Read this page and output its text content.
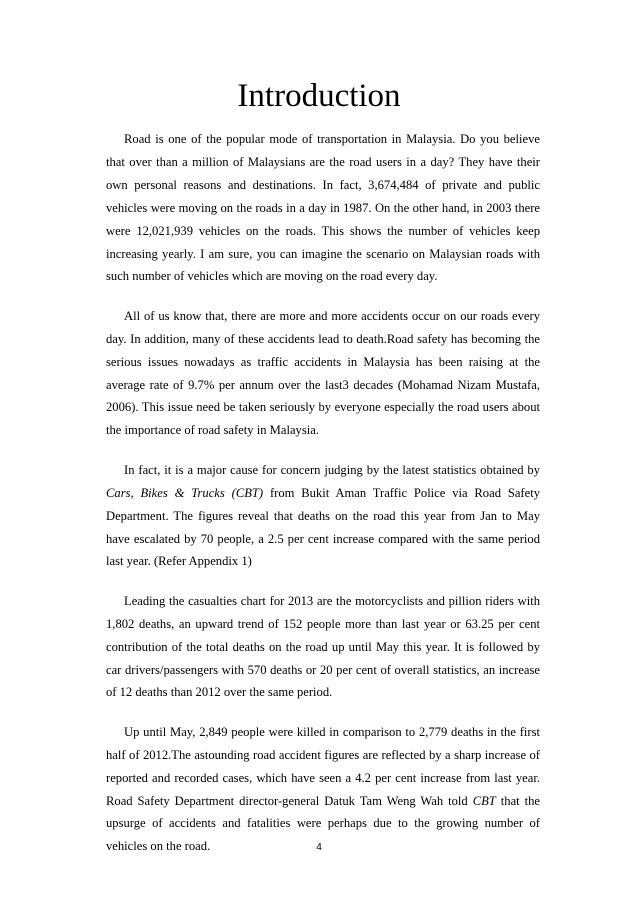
Introduction

Road is one of the popular mode of transportation in Malaysia. Do you believe that over than a million of Malaysians are the road users in a day? They have their own personal reasons and destinations. In fact, 3,674,484 of private and public vehicles were moving on the roads in a day in 1987. On the other hand, in 2003 there were 12,021,939 vehicles on the roads. This shows the number of vehicles keep increasing yearly. I am sure, you can imagine the scenario on Malaysian roads with such number of vehicles which are moving on the road every day.

All of us know that, there are more and more accidents occur on our roads every day. In addition, many of these accidents lead to death.Road safety has becoming the serious issues nowadays as traffic accidents in Malaysia has been raising at the average rate of 9.7% per annum over the last3 decades (Mohamad Nizam Mustafa, 2006). This issue need be taken seriously by everyone especially the road users about the importance of road safety in Malaysia.

In fact, it is a major cause for concern judging by the latest statistics obtained by Cars, Bikes & Trucks (CBT) from Bukit Aman Traffic Police via Road Safety Department. The figures reveal that deaths on the road this year from Jan to May have escalated by 70 people, a 2.5 per cent increase compared with the same period last year. (Refer Appendix 1)

Leading the casualties chart for 2013 are the motorcyclists and pillion riders with 1,802 deaths, an upward trend of 152 people more than last year or 63.25 per cent contribution of the total deaths on the road up until May this year. It is followed by car drivers/passengers with 570 deaths or 20 per cent of overall statistics, an increase of 12 deaths than 2012 over the same period.

Up until May, 2,849 people were killed in comparison to 2,779 deaths in the first half of 2012.The astounding road accident figures are reflected by a sharp increase of reported and recorded cases, which have seen a 4.2 per cent increase from last year. Road Safety Department director-general Datuk Tam Weng Wah told CBT that the upsurge of accidents and fatalities were perhaps due to the growing number of vehicles on the road.	4
